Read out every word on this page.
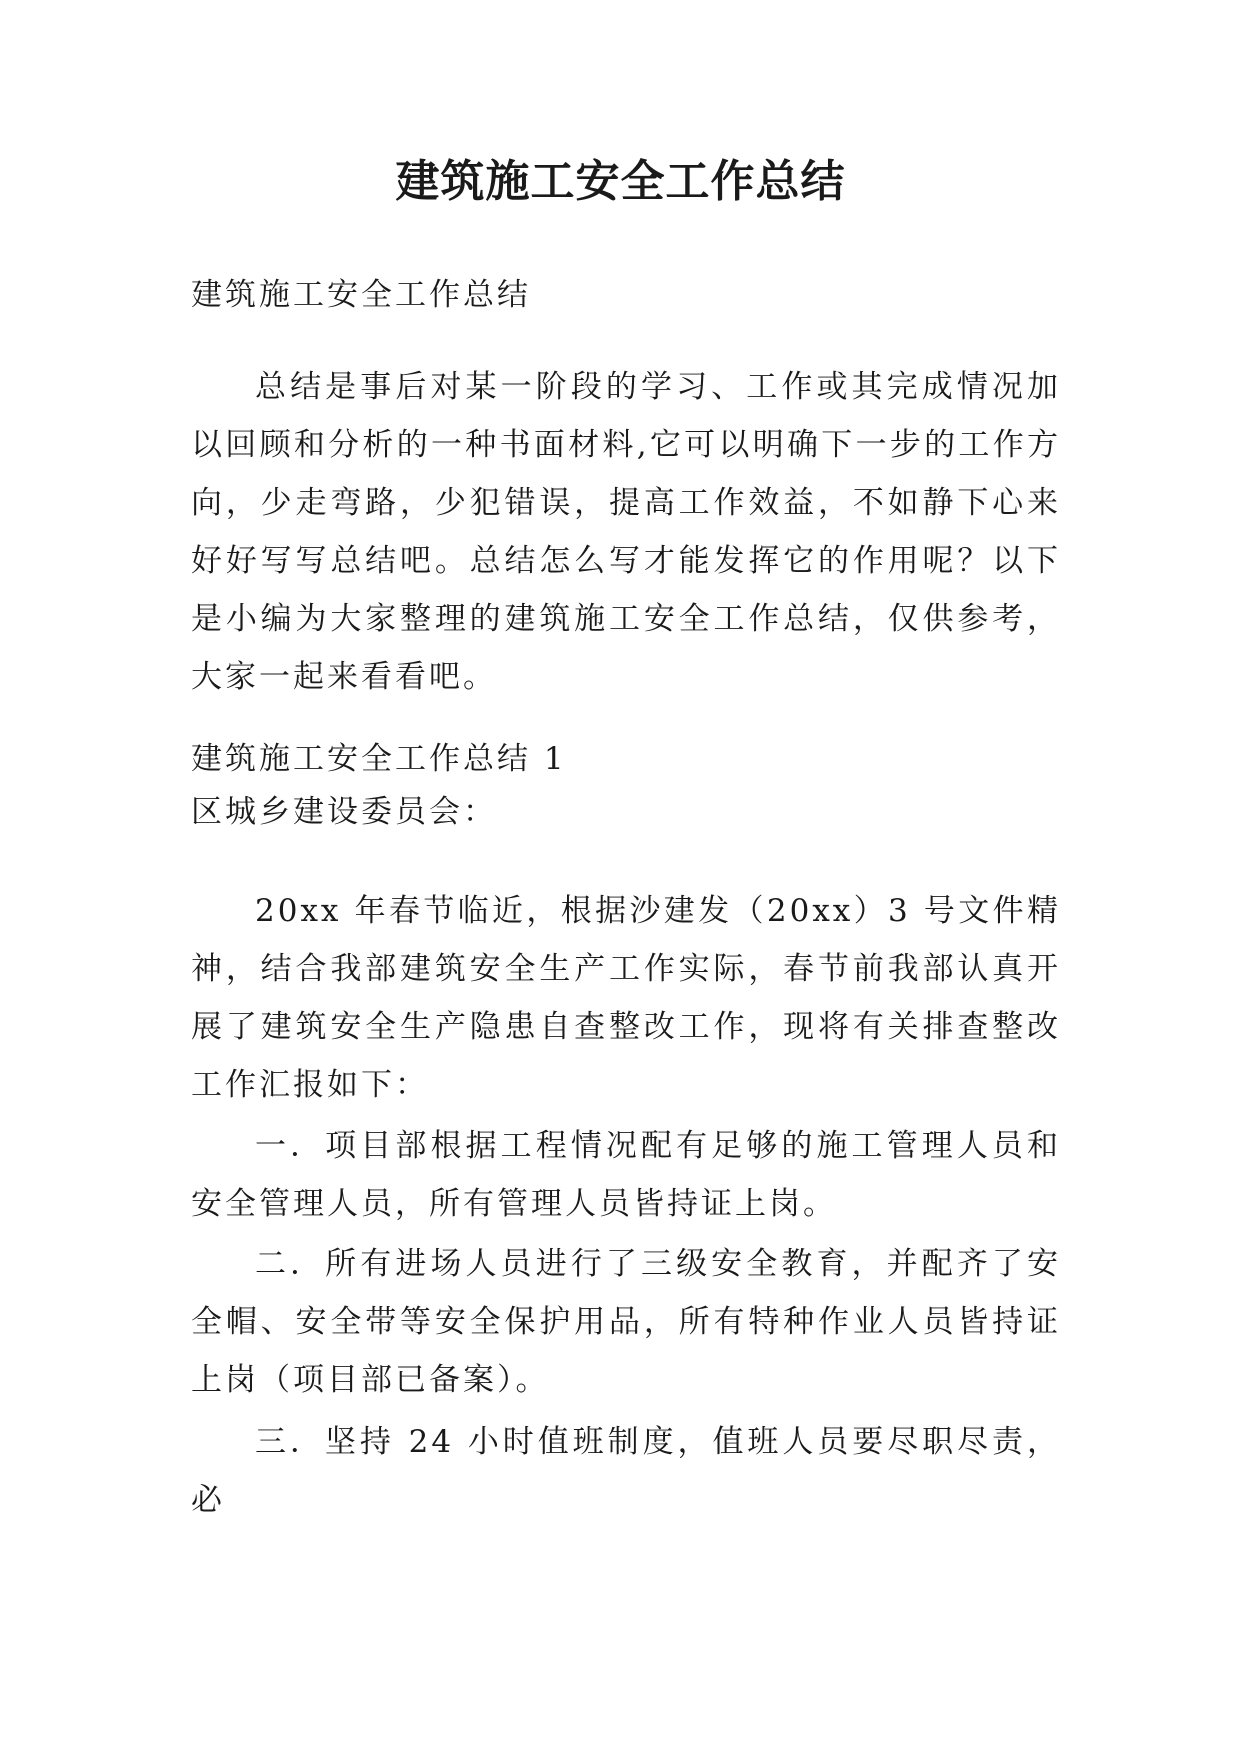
建筑施工安全工作总结

建筑施工安全工作总结

总结是事后对某一阶段的学习、工作或其完成情况加以回顾和分析的一种书面材料,它可以明确下一步的工作方向，少走弯路，少犯错误，提高工作效益，不如静下心来好好写写总结吧。总结怎么写才能发挥它的作用呢？以下是小编为大家整理的建筑施工安全工作总结，仅供参考，大家一起来看看吧。

建筑施工安全工作总结 1

区城乡建设委员会：

20xx 年春节临近，根据沙建发（20xx）3 号文件精神，结合我部建筑安全生产工作实际，春节前我部认真开展了建筑安全生产隐患自查整改工作，现将有关排查整改工作汇报如下：

一．项目部根据工程情况配有足够的施工管理人员和安全管理人员，所有管理人员皆持证上岗。

二．所有进场人员进行了三级安全教育，并配齐了安全帽、安全带等安全保护用品，所有特种作业人员皆持证上岗（项目部已备案）。

三．坚持 24 小时值班制度，值班人员要尽职尽责，必
